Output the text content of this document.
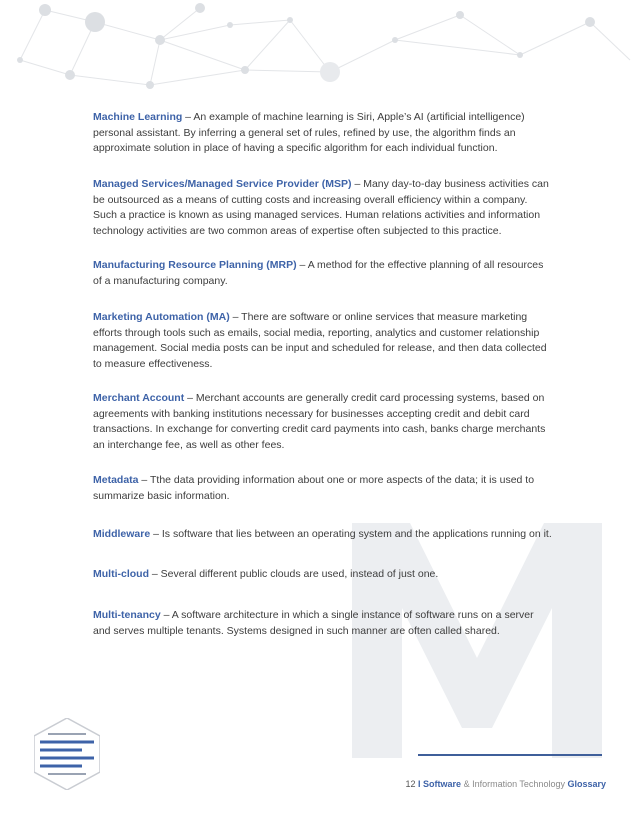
Machine Learning – An example of machine learning is Siri, Apple’s AI (artificial intelligence) personal assistant. By inferring a general set of rules, refined by use, the algorithm finds an approximate solution in place of having a specific algorithm for each individual function.

Managed Services/Managed Service Provider (MSP) – Many day-to-day business activities can be outsourced as a means of cutting costs and increasing overall efficiency within a company. Such a practice is known as using managed services. Human relations activities and information technology activities are two common areas of expertise often subjected to this practice.

Manufacturing Resource Planning (MRP) – A method for the effective planning of all resources of a manufacturing company.

Marketing Automation (MA) – There are software or online services that measure marketing efforts through tools such as emails, social media, reporting, analytics and customer relationship management. Social media posts can be input and scheduled for release, and then data collected to measure effectiveness.

Merchant Account – Merchant accounts are generally credit card processing systems, based on agreements with banking institutions necessary for businesses accepting credit and debit card transactions. In exchange for converting credit card payments into cash, banks charge merchants an interchange fee, as well as other fees.

Metadata – Tthe data providing information about one or more aspects of the data; it is used to summarize basic information.

Middleware – Is software that lies between an operating system and the applications running on it.

Multi-cloud – Several different public clouds are used, instead of just one.

Multi-tenancy – A software architecture in which a single instance of software runs on a server and serves multiple tenants. Systems designed in such manner are often called shared.

12 I Software & Information Technology Glossary
